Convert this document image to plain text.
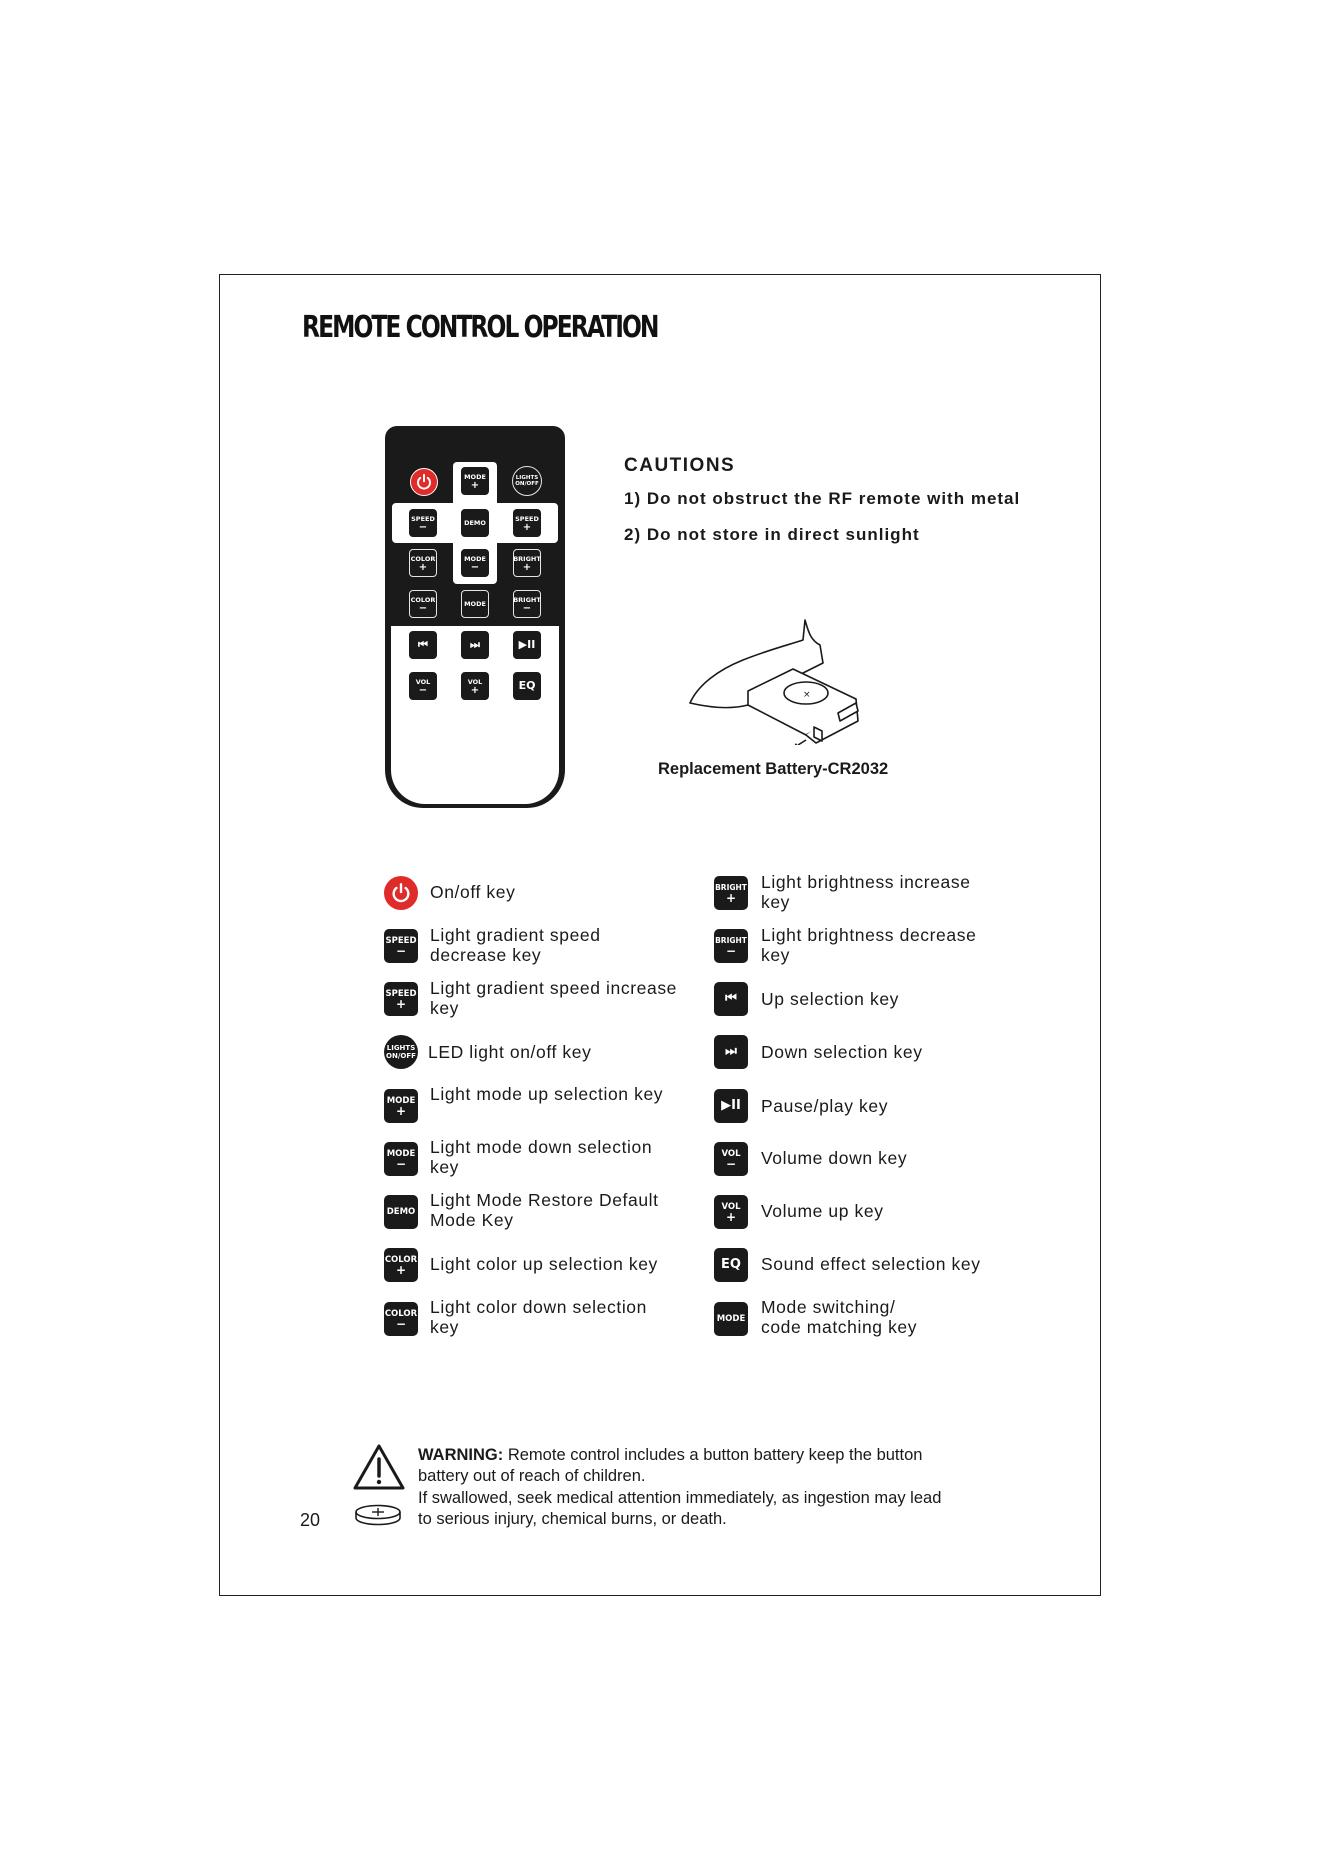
REMOTE CONTROL OPERATION
MODE
+
LIGHTS
ON/OFF
SPEED
−	DEMO
SPEED
+
COLOR
+
MODE
−
BRIGHT
+
COLOR
−	MODE
BRIGHT
−
⏮	⏭	▶II
VOL
−
VOL
+	EQ
CAUTIONS
1) Do not obstruct the RF remote with metal
2) Do not store in direct sunlight
×
Replacement Battery-CR2032
On/off key
SPEED
−
Light gradient speed decrease key
SPEED
+
Light gradient speed increase key
LIGHTS
ON/OFF LED light on/off key
MODE
+
Light mode up selection key
MODE
−
Light mode down selection key
DEMO
Light Mode Restore Default Mode Key
COLOR
+ Light color up selection key
COLOR
−
Light color down selection key
BRIGHT
+
Light brightness increase key
BRIGHT
−
Light brightness decrease key
⏮ Up selection key
⏭ Down selection key
▶II Pause/play key
VOL
− Volume down key
VOL
+ Volume up key
EQ Sound effect selection key
MODE
Mode switching/ code matching key
WARNING: Remote control includes a button battery keep the button battery out of reach of children.
If swallowed, seek medical attention immediately, as ingestion may lead to serious injury, chemical burns, or death.
20
